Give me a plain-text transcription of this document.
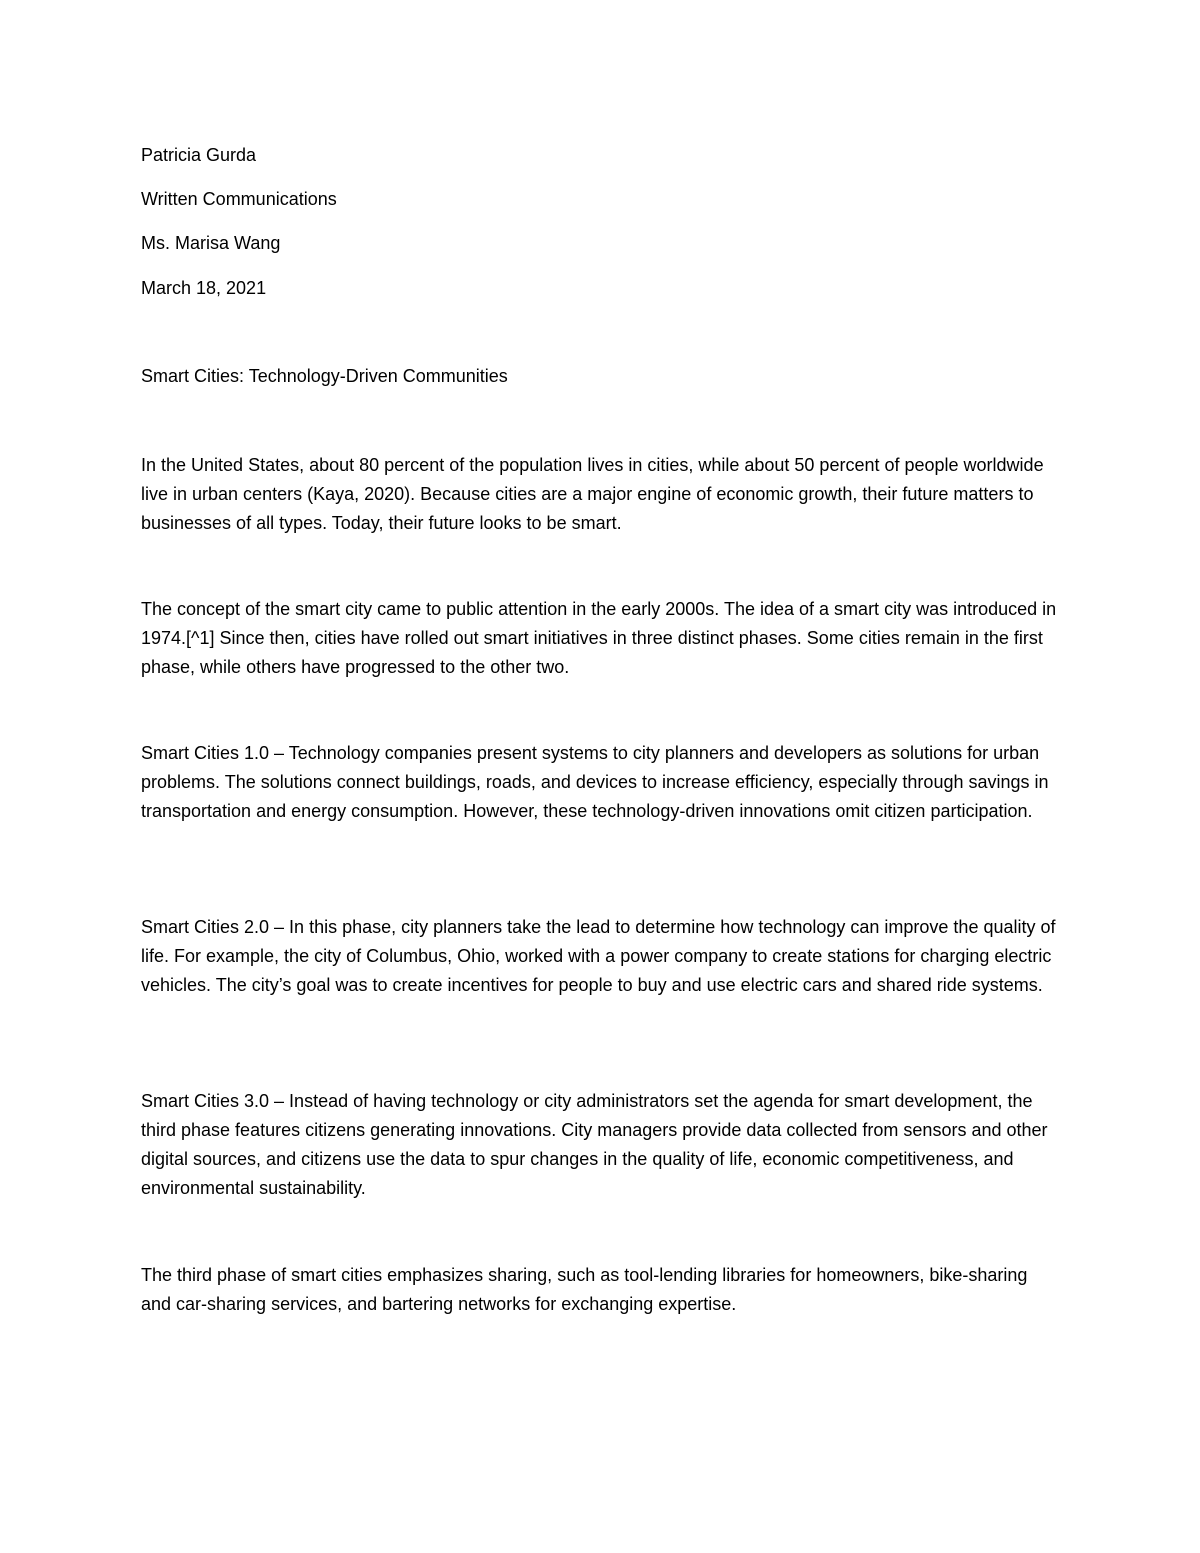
Patricia Gurda

Written Communications

Ms. Marisa Wang

March 18, 2021

Smart Cities: Technology-Driven Communities

In the United States, about 80 percent of the population lives in cities, while about 50 percent of people worldwide live in urban centers (Kaya, 2020). Because cities are a major engine of economic growth, their future matters to businesses of all types. Today, their future looks to be smart.

The concept of the smart city came to public attention in the early 2000s. The idea of a smart city was introduced in 1974.[^1] Since then, cities have rolled out smart initiatives in three distinct phases. Some cities remain in the first phase, while others have progressed to the other two.

Smart Cities 1.0 – Technology companies present systems to city planners and developers as solutions for urban problems. The solutions connect buildings, roads, and devices to increase efficiency, especially through savings in transportation and energy consumption. However, these technology-driven innovations omit citizen participation.

Smart Cities 2.0 – In this phase, city planners take the lead to determine how technology can improve the quality of life. For example, the city of Columbus, Ohio, worked with a power company to create stations for charging electric vehicles. The city’s goal was to create incentives for people to buy and use electric cars and shared ride systems.

Smart Cities 3.0 – Instead of having technology or city administrators set the agenda for smart development, the third phase features citizens generating innovations. City managers provide data collected from sensors and other digital sources, and citizens use the data to spur changes in the quality of life, economic competitiveness, and environmental sustainability.

The third phase of smart cities emphasizes sharing, such as tool-lending libraries for homeowners, bike-sharing and car-sharing services, and bartering networks for exchanging expertise.
